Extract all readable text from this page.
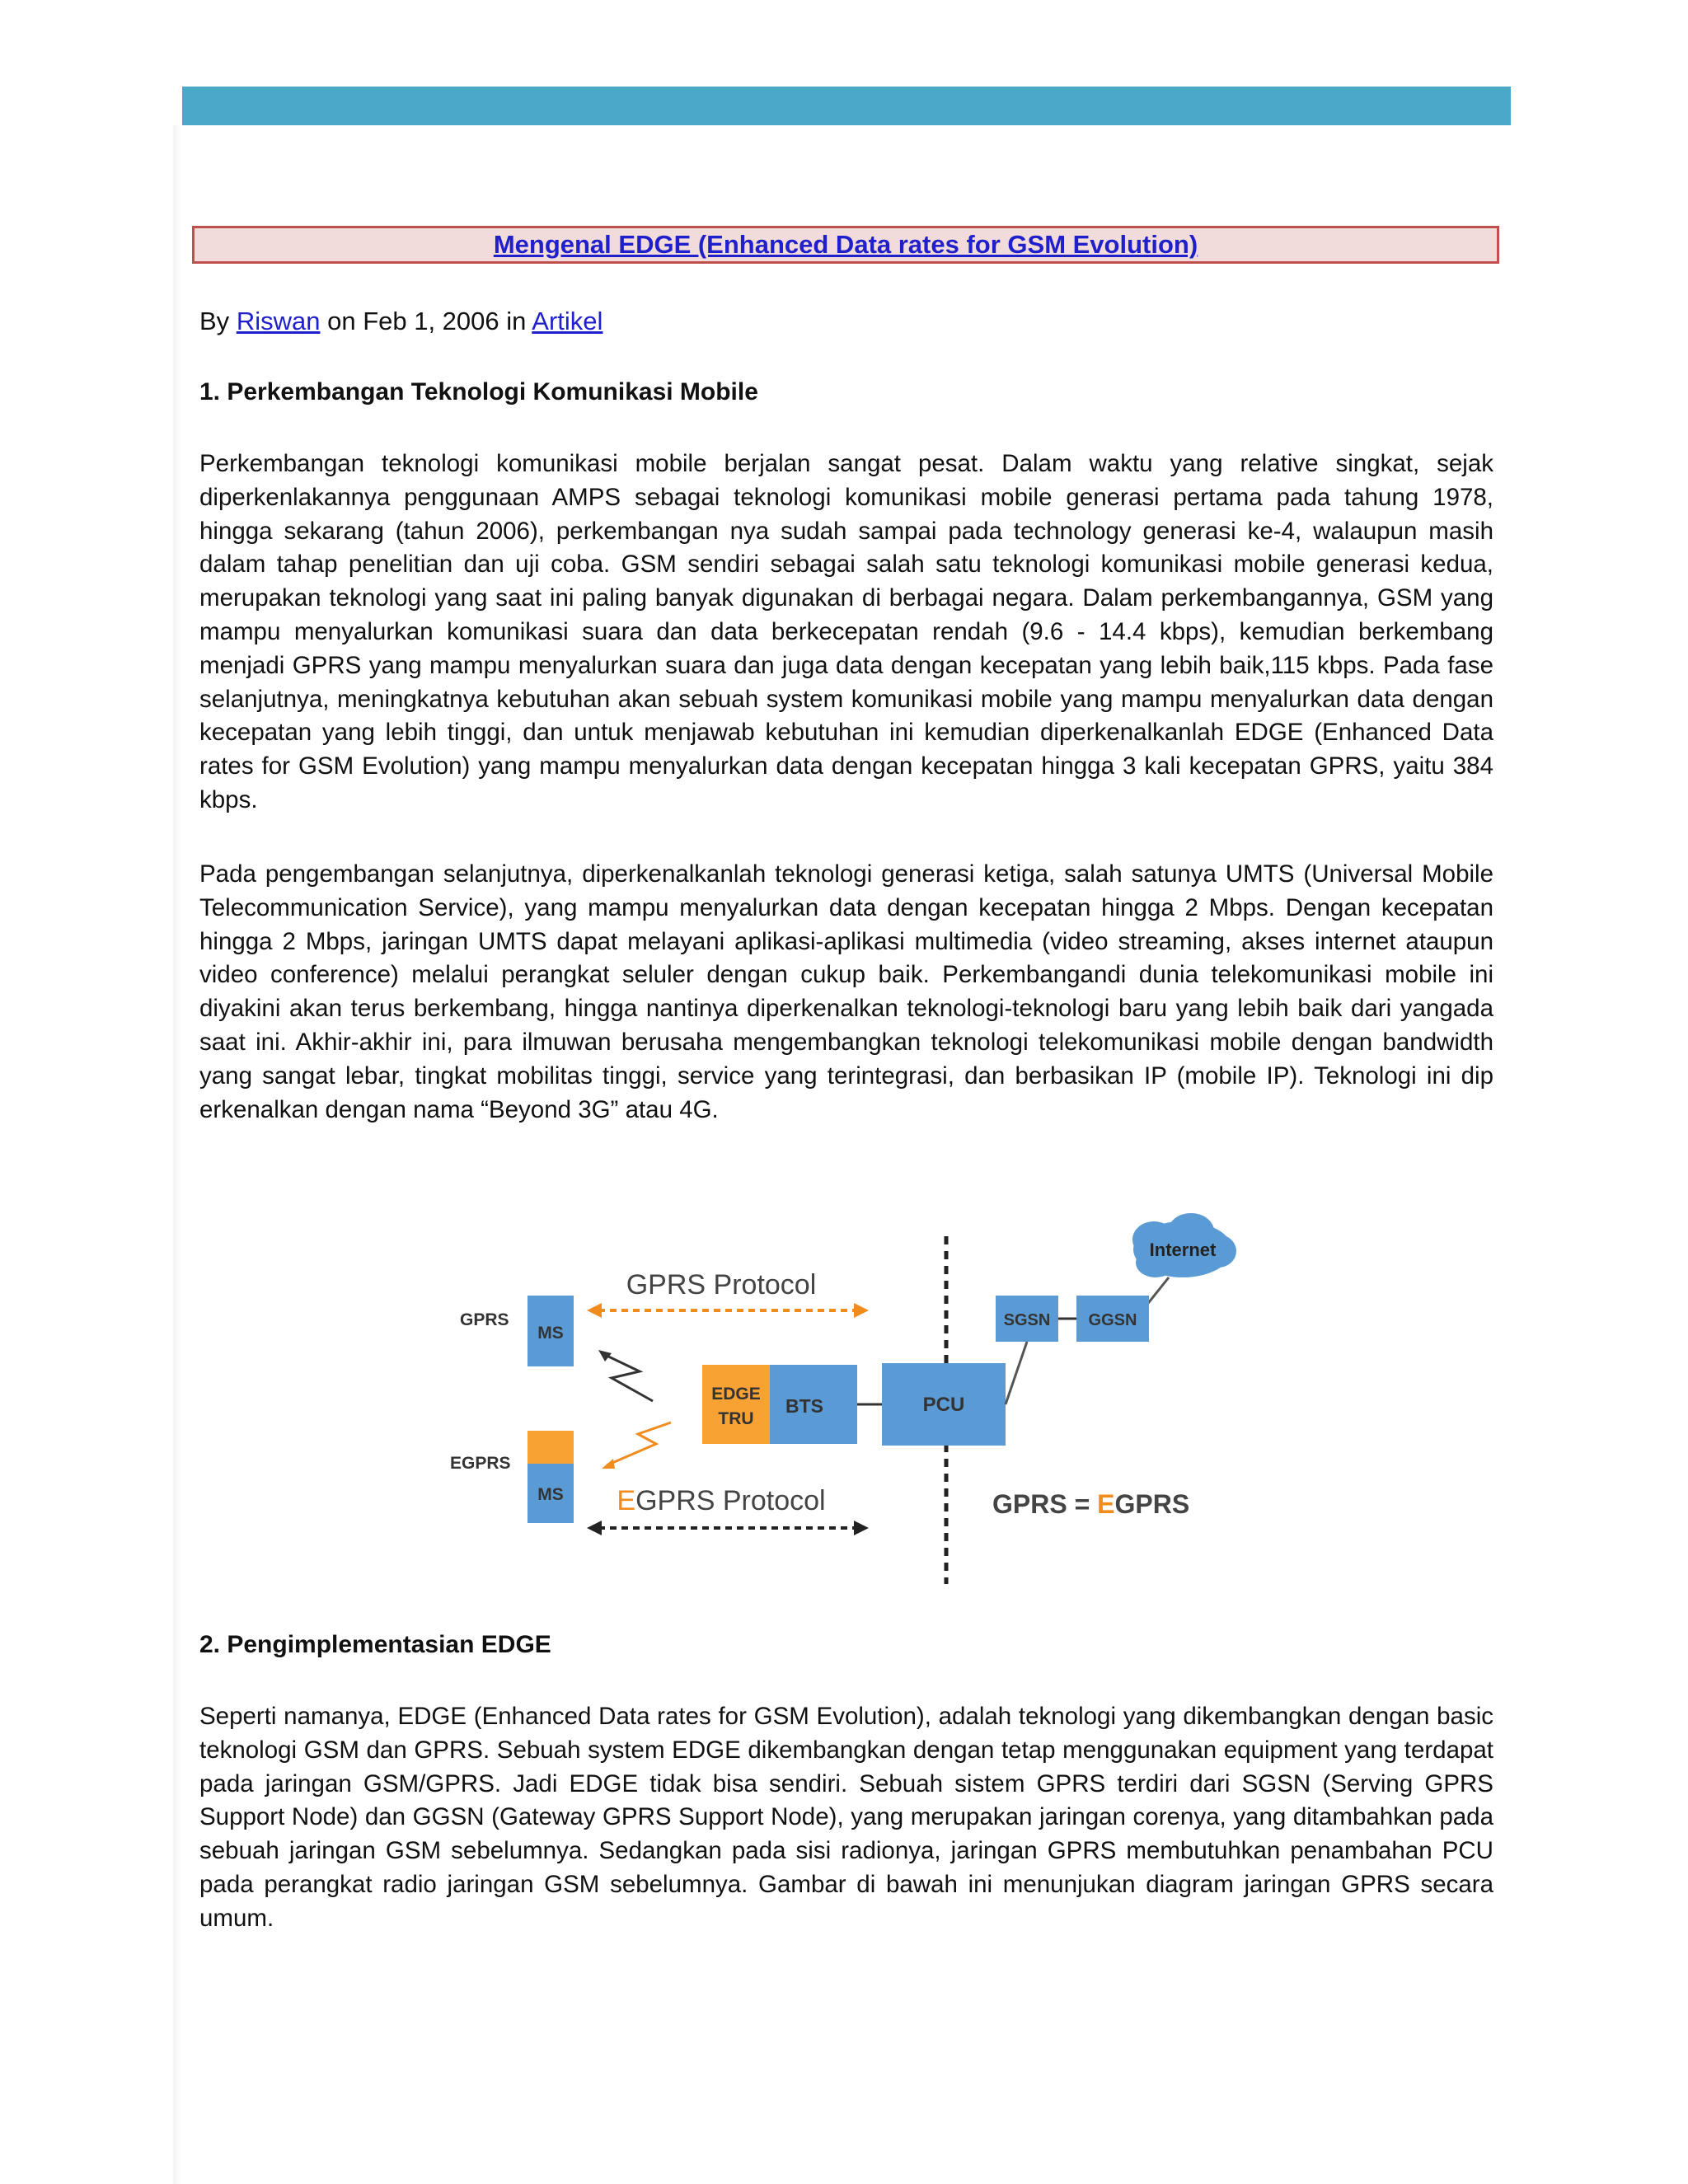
Mengenal EDGE (Enhanced Data rates for GSM Evolution)
By Riswan on Feb 1, 2006 in Artikel
1. Perkembangan Teknologi Komunikasi Mobile

Perkembangan teknologi komunikasi mobile berjalan sangat pesat. Dalam waktu yang relative singkat, sejak diperkenlakannya penggunaan AMPS sebagai teknologi komunikasi mobile generasi pertama pada tahung 1978, hingga sekarang (tahun 2006), perkembangan nya sudah sampai pada technology generasi ke-4, walaupun masih dalam tahap penelitian dan uji coba. GSM sendiri sebagai salah satu teknologi komunikasi mobile generasi kedua, merupakan teknologi yang saat ini paling banyak digunakan di berbagai negara. Dalam perkembangannya, GSM yang mampu menyalurkan komunikasi suara dan data berkecepatan rendah (9.6 - 14.4 kbps), kemudian berkembang menjadi GPRS yang mampu menyalurkan suara dan juga data dengan kecepatan yang lebih baik,115 kbps. Pada fase selanjutnya, meningkatnya kebutuhan akan sebuah system komunikasi mobile yang mampu menyalurkan data dengan kecepatan yang lebih tinggi, dan untuk menjawab kebutuhan ini kemudian diperkenalkanlah EDGE (Enhanced Data rates for GSM Evolution) yang mampu menyalurkan data dengan kecepatan hingga 3 kali kecepatan GPRS, yaitu 384 kbps.

Pada pengembangan selanjutnya, diperkenalkanlah teknologi generasi ketiga, salah satunya UMTS (Universal Mobile Telecommunication Service), yang mampu menyalurkan data dengan kecepatan hingga 2 Mbps. Dengan kecepatan hingga 2 Mbps, jaringan UMTS dapat melayani aplikasi-aplikasi multimedia (video streaming, akses internet ataupun video conference) melalui perangkat seluler dengan cukup baik. Perkembangandi dunia telekomunikasi mobile ini diyakini akan terus berkembang, hingga nantinya diperkenalkan teknologi-teknologi baru yang lebih baik dari yangada saat ini. Akhir-akhir ini, para ilmuwan berusaha mengembangkan teknologi telekomunikasi mobile dengan bandwidth yang sangat lebar, tingkat mobilitas tinggi, service yang terintegrasi, dan berbasikan IP (mobile IP). Teknologi ini dip erkenalkan dengan nama “Beyond 3G” atau 4G.

Internet
SGSN GGSN
PCU
BTS
EDGE
TRU
GPRS
MS
EGPRS
MS
GPRS Protocol
EGPRS Protocol	GPRS = EGPRS
2. Pengimplementasian EDGE

Seperti namanya, EDGE (Enhanced Data rates for GSM Evolution), adalah teknologi yang dikembangkan dengan basic teknologi GSM dan GPRS. Sebuah system EDGE dikembangkan dengan tetap menggunakan equipment yang terdapat pada jaringan GSM/GPRS. Jadi EDGE tidak bisa sendiri. Sebuah sistem GPRS terdiri dari SGSN (Serving GPRS Support Node) dan GGSN (Gateway GPRS Support Node), yang merupakan jaringan corenya, yang ditambahkan pada sebuah jaringan GSM sebelumnya. Sedangkan pada sisi radionya, jaringan GPRS membutuhkan penambahan PCU pada perangkat radio jaringan GSM sebelumnya. Gambar di bawah ini menunjukan diagram jaringan GPRS secara umum.
